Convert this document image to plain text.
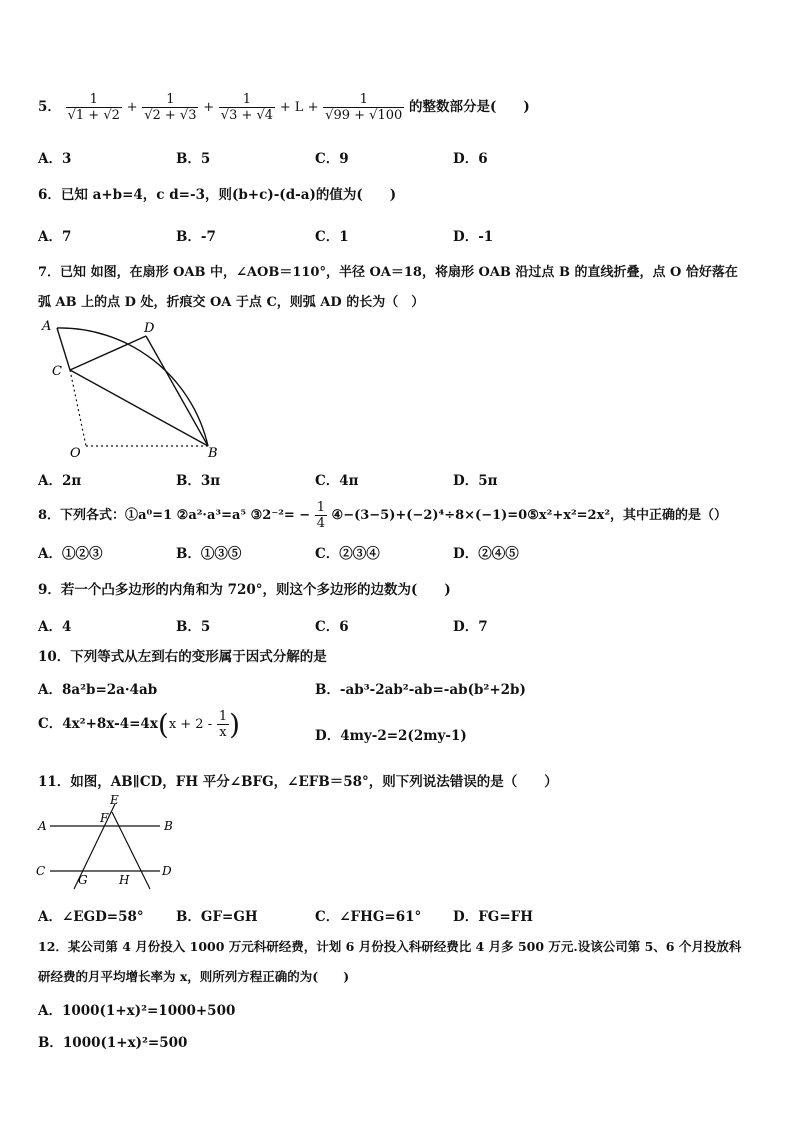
5． $\frac{1}{√1 + √2} + \frac{1}{√2 + √3} + \frac{1}{√3 + √4} + L + \frac{1}{√99 + √100}$ 的整数部分是(　　)
A．3	B．5	C．9	D．6
6．已知 a+b=4，c d=-3，则(b+c)-(d-a)的值为(　　)
A．7	B．-7	C．1	D．-1
7．已知 如图，在扇形 OAB 中，∠AOB＝110°，半径 OA＝18，将扇形 OAB 沿过点 B 的直线折叠，点 O 恰好落在
弧 AB 上的点 D 处，折痕交 OA 于点 C，则弧 AD 的长为（　）
A	D
C
O	B
A．2π	B．3π	C．4π	D．5π
8．下列各式：①a⁰=1 ②a²·a³=a⁵ ③2⁻²= − $\frac{1}{4}$ ④−(3−5)+(−2)⁴÷8×(−1)=0⑤x²+x²=2x²，其中正确的是（）
A．①②③	B．①③⑤	C．②③④	D．②④⑤
9．若一个凸多边形的内角和为 720°，则这个多边形的边数为(　　)
A．4	B．5	C．6	D．7
10．下列等式从左到右的变形属于因式分解的是
A．8a²b=2a·4ab	B．-ab³-2ab²-ab=-ab(b²+2b)
C．$4x^2+8x-4=4x(x + 2 - \frac{1}{x}$ )	D．4my-2=2(2my-1)
11．如图，AB∥CD，FH 平分∠BFG，∠EFB＝58°，则下列说法错误的是（　　）
E
F
A	B
C
G	H
D
A．∠EGD=58° B．GF=GH	C．∠FHG=61° D．FG=FH
12．某公司第 4 月份投入 1000 万元科研经费，计划 6 月份投入科研经费比 4 月多 500 万元.设该公司第 5、6 个月投放科
研经费的月平均增长率为 x，则所列方程正确的为(　　)
A．1000(1+x)²=1000+500
B．1000(1+x)²=500
